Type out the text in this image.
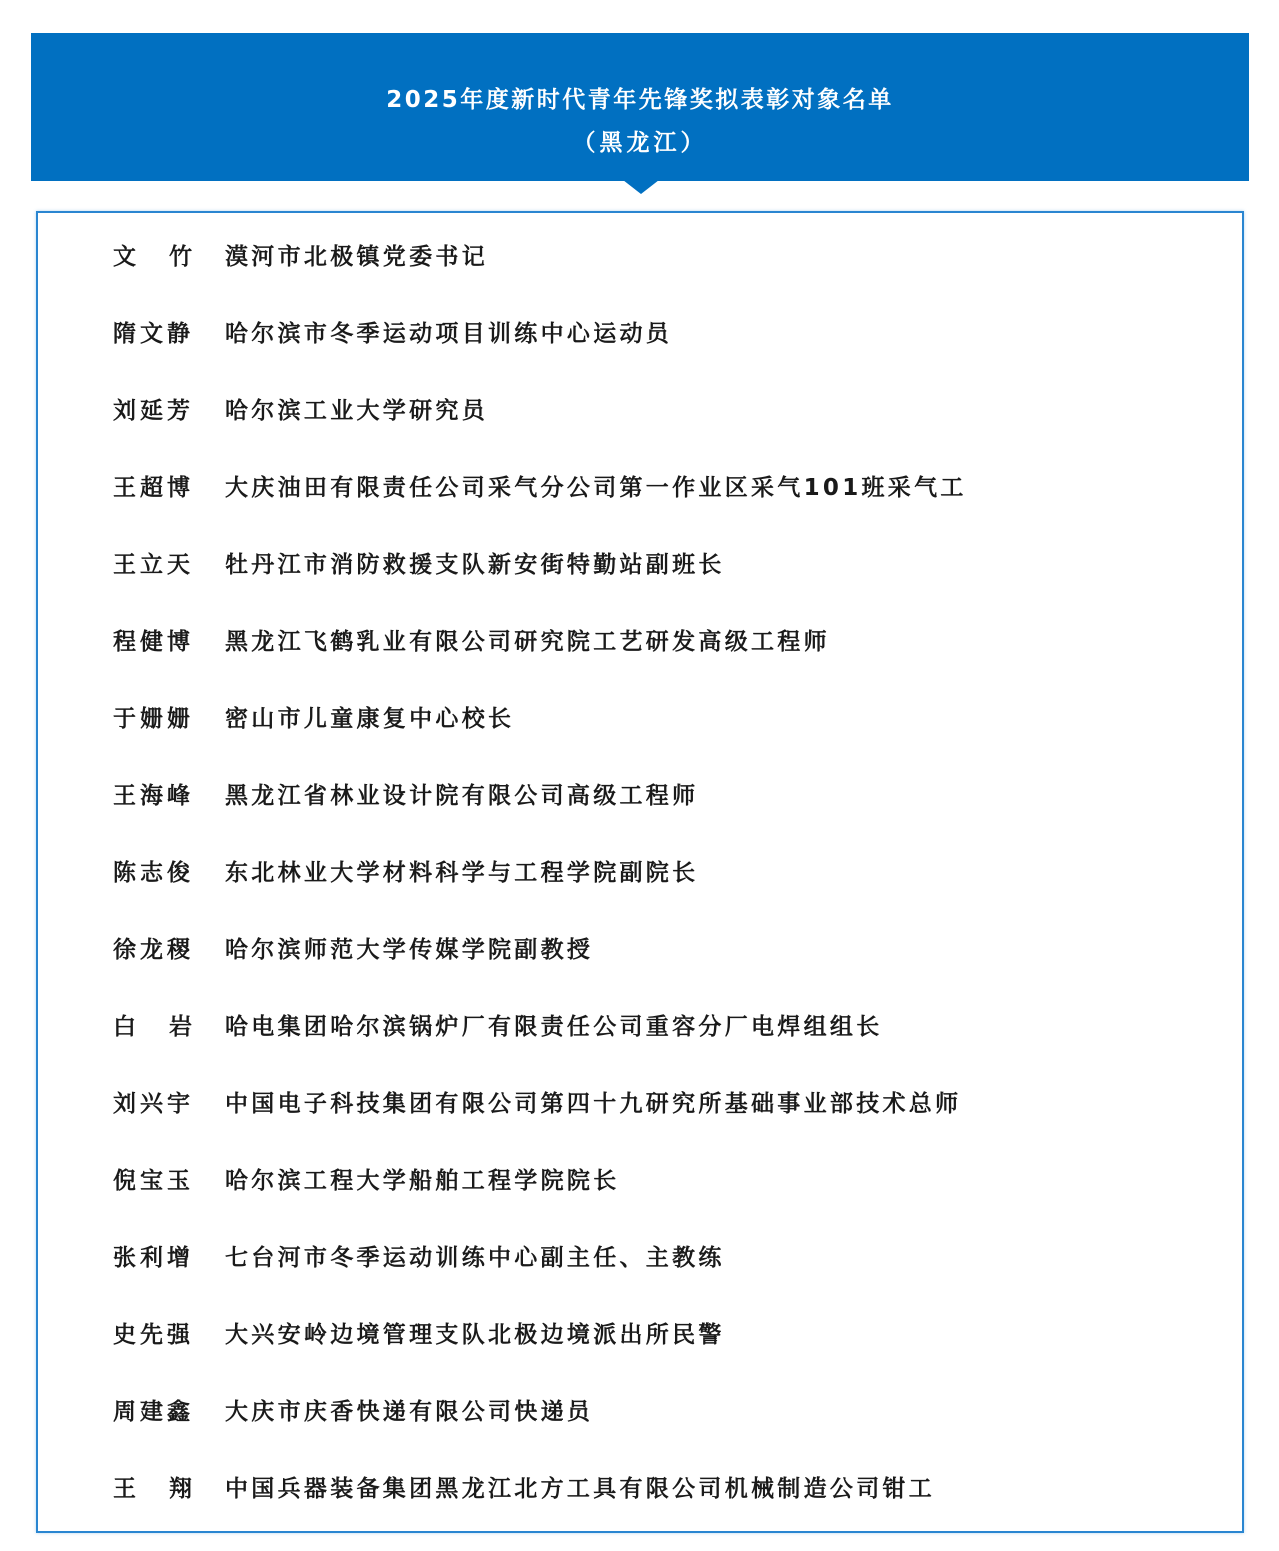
2025年度新时代青年先锋奖拟表彰对象名单
（黑龙江）
文竹 漠河市北极镇党委书记
隋文静 哈尔滨市冬季运动项目训练中心运动员
刘延芳 哈尔滨工业大学研究员
王超博 大庆油田有限责任公司采气分公司第一作业区采气101班采气工
王立天 牡丹江市消防救援支队新安街特勤站副班长
程健博 黑龙江飞鹤乳业有限公司研究院工艺研发高级工程师
于姗姗 密山市儿童康复中心校长
王海峰 黑龙江省林业设计院有限公司高级工程师
陈志俊 东北林业大学材料科学与工程学院副院长
徐龙稷 哈尔滨师范大学传媒学院副教授
白岩 哈电集团哈尔滨锅炉厂有限责任公司重容分厂电焊组组长
刘兴宇 中国电子科技集团有限公司第四十九研究所基础事业部技术总师
倪宝玉 哈尔滨工程大学船舶工程学院院长
张利增 七台河市冬季运动训练中心副主任、主教练
史先强 大兴安岭边境管理支队北极边境派出所民警
周建鑫 大庆市庆香快递有限公司快递员
王翔 中国兵器装备集团黑龙江北方工具有限公司机械制造公司钳工
